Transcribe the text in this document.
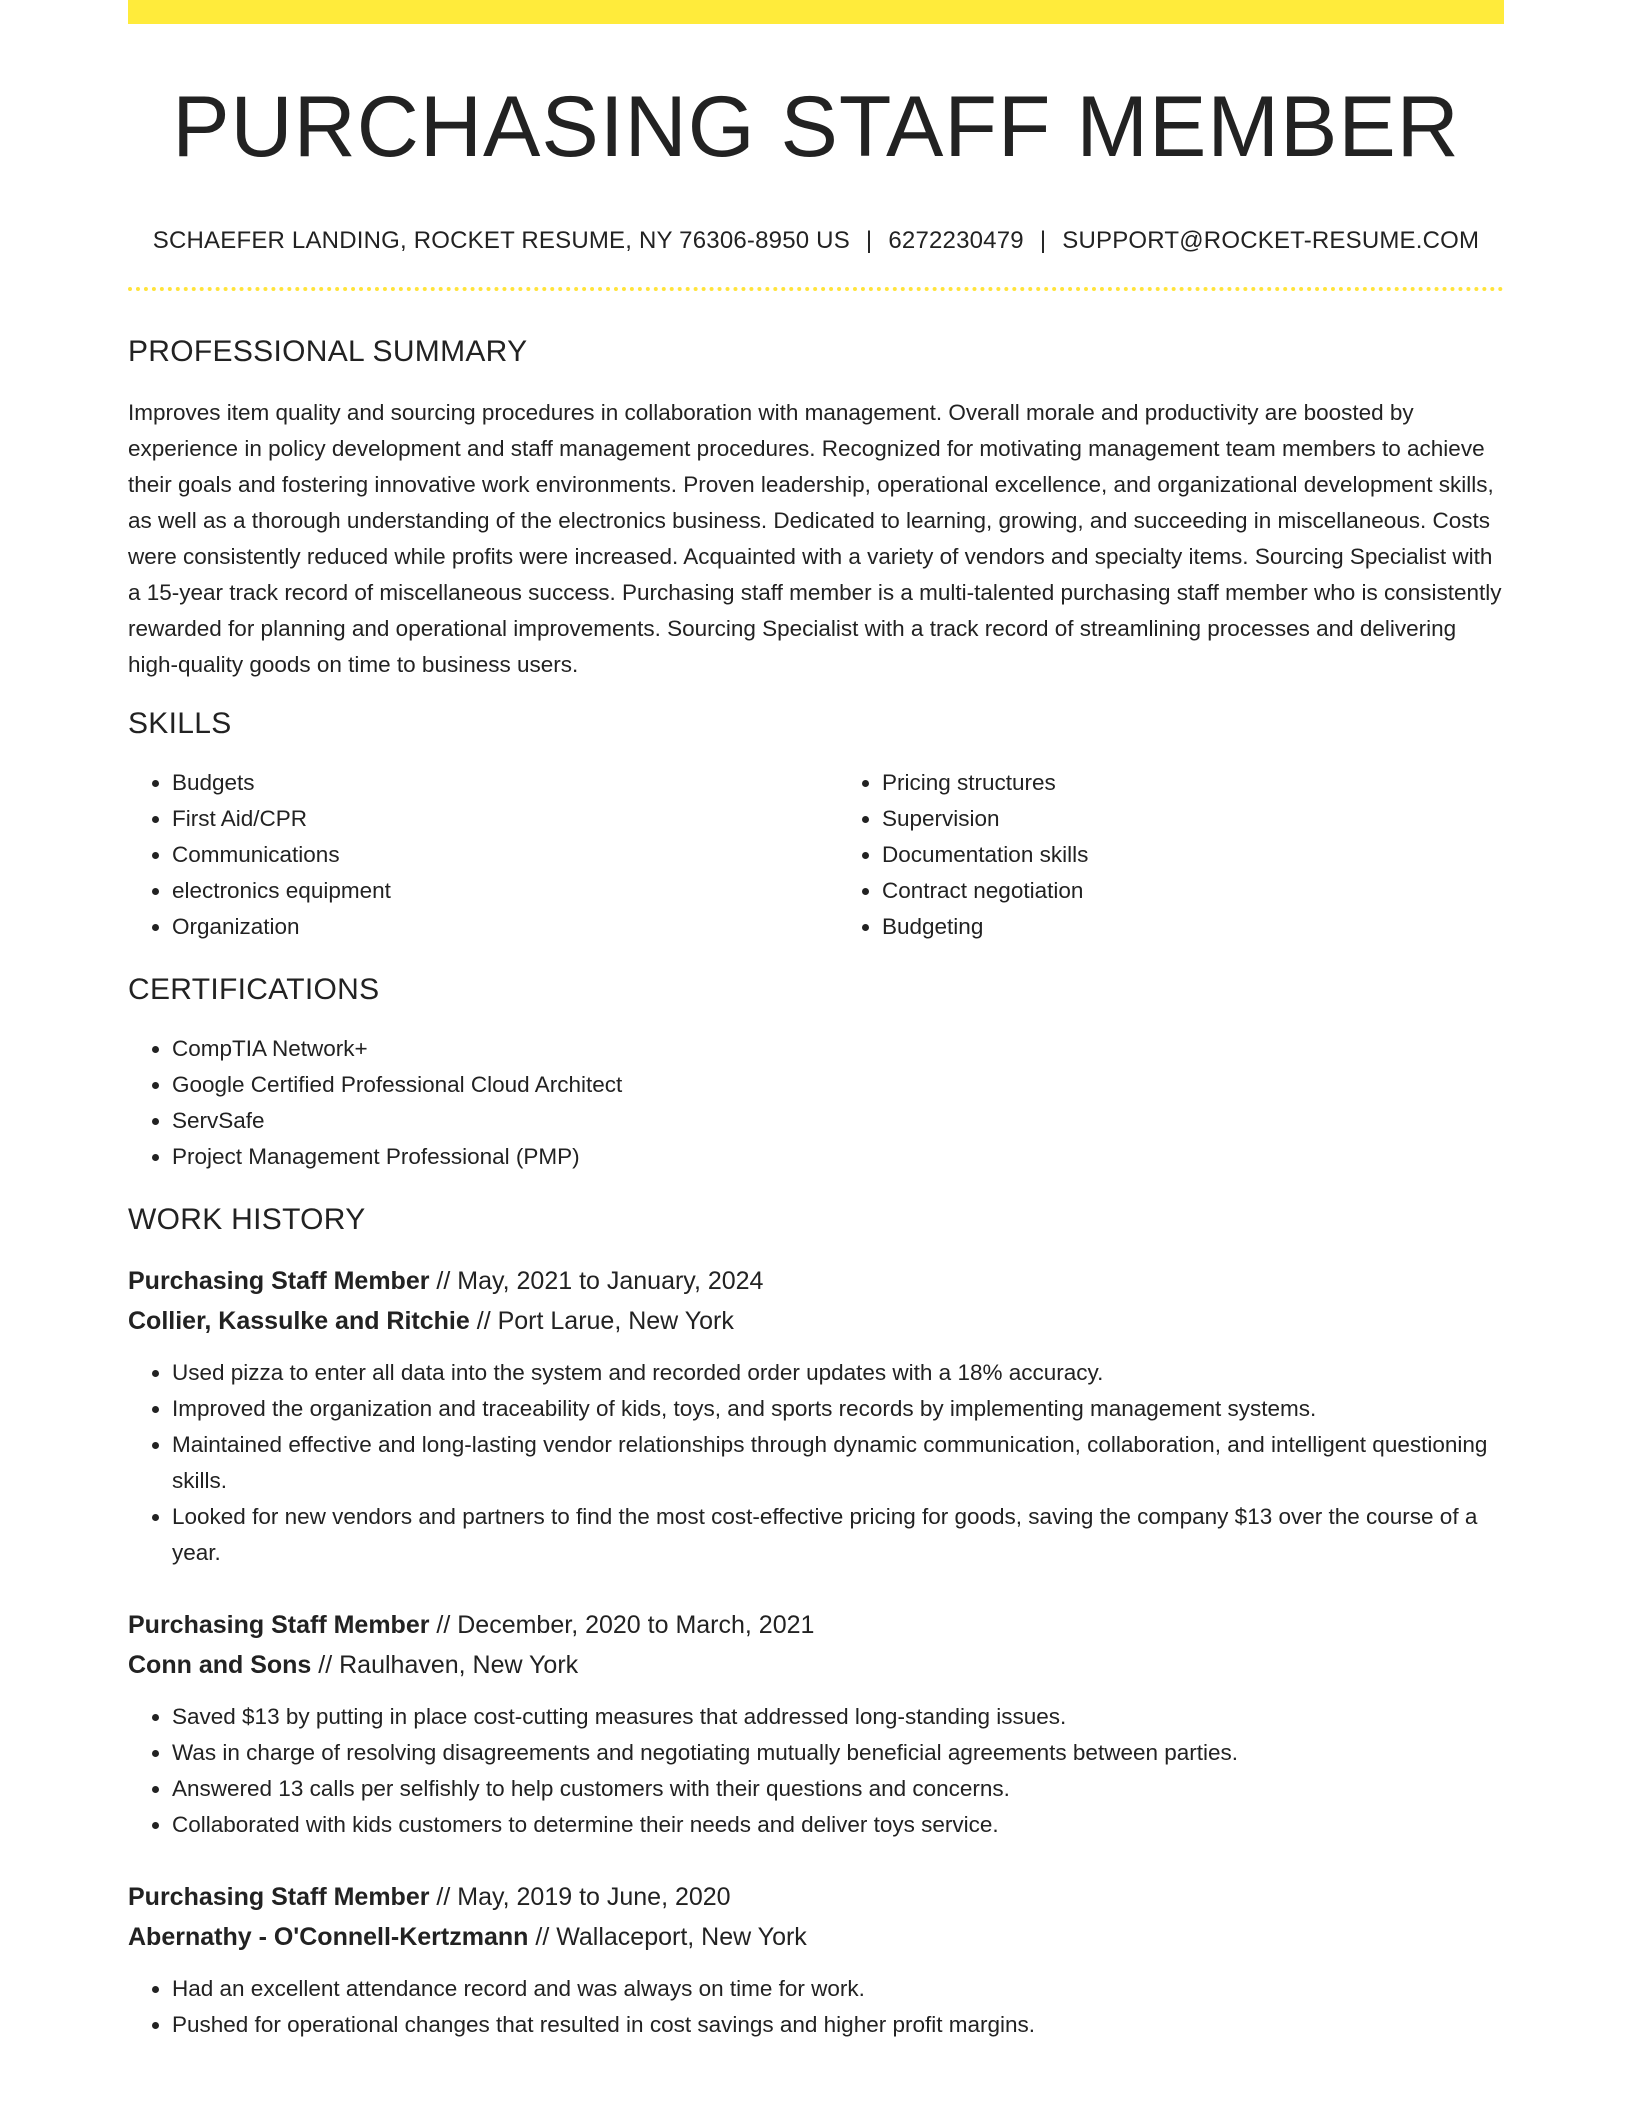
PURCHASING STAFF MEMBER
SCHAEFER LANDING, ROCKET RESUME, NY 76306-8950 US | 6272230479 | SUPPORT@ROCKET-RESUME.COM
PROFESSIONAL SUMMARY

Improves item quality and sourcing procedures in collaboration with management. Overall morale and productivity are boosted by experience in policy development and staff management procedures. Recognized for motivating management team members to achieve their goals and fostering innovative work environments. Proven leadership, operational excellence, and organizational development skills, as well as a thorough understanding of the electronics business. Dedicated to learning, growing, and succeeding in miscellaneous. Costs were consistently reduced while profits were increased. Acquainted with a variety of vendors and specialty items. Sourcing Specialist with a 15-year track record of miscellaneous success. Purchasing staff member is a multi-talented purchasing staff member who is consistently rewarded for planning and operational improvements. Sourcing Specialist with a track record of streamlining processes and delivering high-quality goods on time to business users.

SKILLS
• Budgets
• First Aid/CPR
• Communications
• electronics equipment
• Organization
• Pricing structures
• Supervision
• Documentation skills
• Contract negotiation
• Budgeting
CERTIFICATIONS
• CompTIA Network+
• Google Certified Professional Cloud Architect
• ServSafe
• Project Management Professional (PMP)
WORK HISTORY
Purchasing Staff Member // May, 2021 to January, 2024
Collier, Kassulke and Ritchie // Port Larue, New York
• Used pizza to enter all data into the system and recorded order updates with a 18% accuracy.
• Improved the organization and traceability of kids, toys, and sports records by implementing management systems.
• Maintained effective and long-lasting vendor relationships through dynamic communication, collaboration, and intelligent questioning skills.
• Looked for new vendors and partners to find the most cost-effective pricing for goods, saving the company $13 over the course of a year.
Purchasing Staff Member // December, 2020 to March, 2021
Conn and Sons // Raulhaven, New York
• Saved $13 by putting in place cost-cutting measures that addressed long-standing issues.
• Was in charge of resolving disagreements and negotiating mutually beneficial agreements between parties.
• Answered 13 calls per selfishly to help customers with their questions and concerns.
• Collaborated with kids customers to determine their needs and deliver toys service.
Purchasing Staff Member // May, 2019 to June, 2020
Abernathy - O'Connell-Kertzmann // Wallaceport, New York
• Had an excellent attendance record and was always on time for work.
• Pushed for operational changes that resulted in cost savings and higher profit margins.
